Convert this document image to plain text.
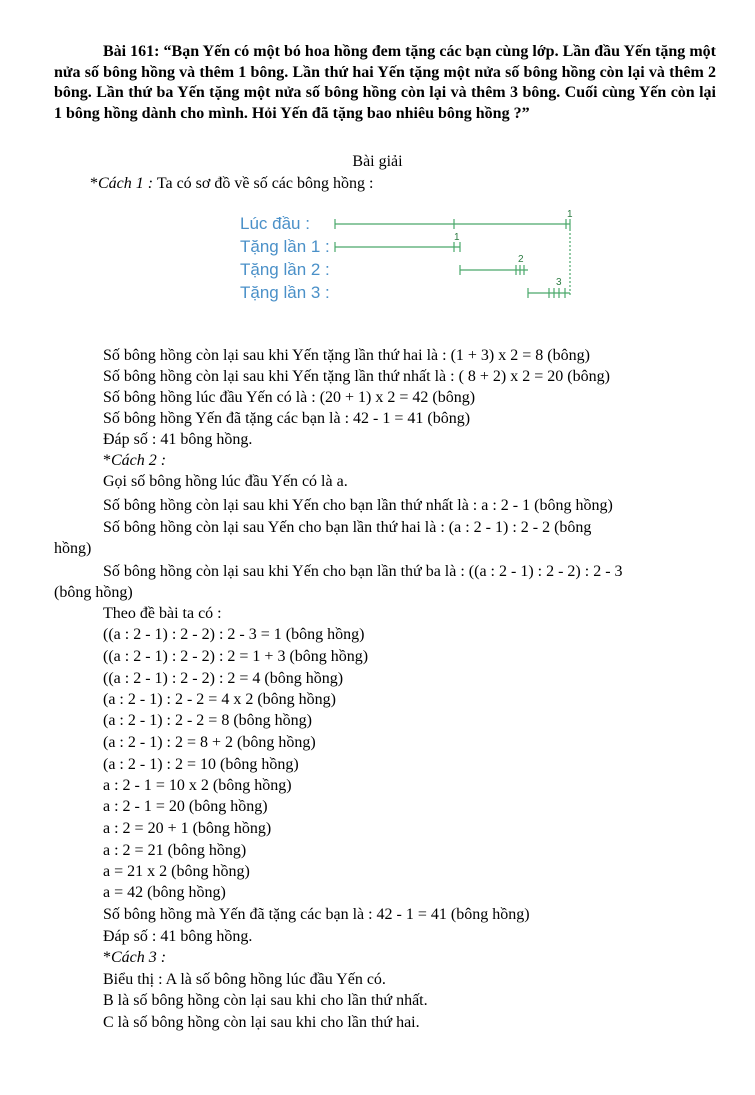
Bài 161: “Bạn Yến có một bó hoa hồng đem tặng các bạn cùng lớp. Lần đầu Yến tặng một nửa số bông hồng và thêm 1 bông. Lần thứ hai Yến tặng một nửa số bông hồng còn lại và thêm 2 bông. Lần thứ ba Yến tặng một nửa số bông hồng còn lại và thêm 3 bông. Cuối cùng Yến còn lại 1 bông hồng dành cho mình. Hỏi Yến đã tặng bao nhiêu bông hồng ?”
Bài giải
*Cách 1 : Ta có sơ đồ về số các bông hồng :
Lúc đầu :
Tặng lần 1 :
Tặng lần 2 :
Tặng lần 3 :
1
1
2
3
Số bông hồng còn lại sau khi Yến tặng lần thứ hai là : (1 + 3) x 2 = 8 (bông)
Số bông hồng còn lại sau khi Yến tặng lần thứ nhất là : ( 8 + 2) x 2 = 20 (bông)
Số bông hồng lúc đầu Yến có là : (20 + 1) x 2 = 42 (bông)
Số bông hồng Yến đã tặng các bạn là : 42 - 1 = 41 (bông)
Đáp số : 41 bông hồng.
*Cách 2 :
Gọi số bông hồng lúc đầu Yến có là a.
Số bông hồng còn lại sau khi Yến cho bạn lần thứ nhất là : a : 2 - 1 (bông hồng)
Số bông hồng còn lại sau Yến cho bạn lần thứ hai là : (a : 2 - 1) : 2 - 2 (bông
hồng)
Số bông hồng còn lại sau khi Yến cho bạn lần thứ ba là : ((a : 2 - 1) : 2 - 2) : 2 - 3
(bông hồng)
Theo đề bài ta có :
((a : 2 - 1) : 2 - 2) : 2 - 3 = 1 (bông hồng)
((a : 2 - 1) : 2 - 2) : 2 = 1 + 3 (bông hồng)
((a : 2 - 1) : 2 - 2) : 2 = 4 (bông hồng)
(a : 2 - 1) : 2 - 2 = 4 x 2 (bông hồng)
(a : 2 - 1) : 2 - 2 = 8 (bông hồng)
(a : 2 - 1) : 2 = 8 + 2 (bông hồng)
(a : 2 - 1) : 2 = 10 (bông hồng)
a : 2 - 1 = 10 x 2 (bông hồng)
a : 2 - 1 = 20 (bông hồng)
a : 2 = 20 + 1 (bông hồng)
a : 2 = 21 (bông hồng)
a = 21 x 2 (bông hồng)
a = 42 (bông hồng)
Số bông hồng mà Yến đã tặng các bạn là : 42 - 1 = 41 (bông hồng)
Đáp số : 41 bông hồng.
*Cách 3 :
Biểu thị : A là số bông hồng lúc đầu Yến có.
B là số bông hồng còn lại sau khi cho lần thứ nhất.
C là số bông hồng còn lại sau khi cho lần thứ hai.
